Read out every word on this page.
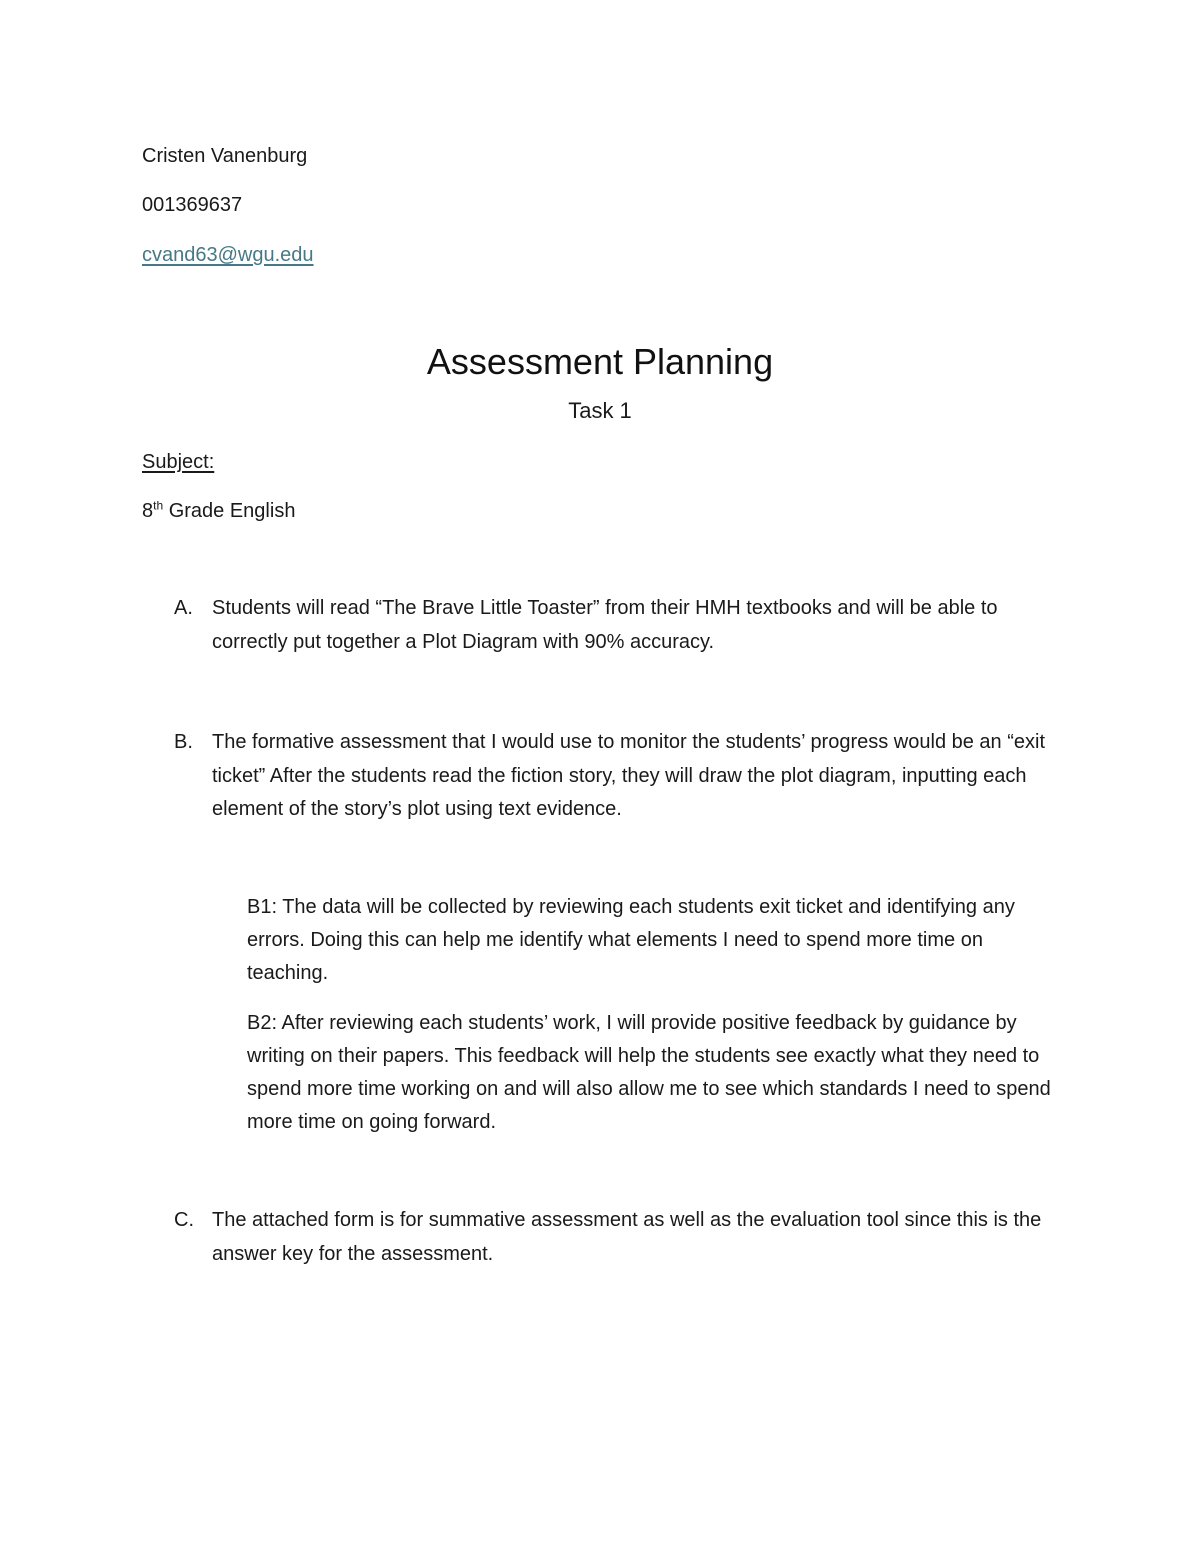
Cristen Vanenburg
001369637
cvand63@wgu.edu
Assessment Planning
Task 1
Subject:
8th Grade English
A. Students will read “The Brave Little Toaster” from their HMH textbooks and will be able to correctly put together a Plot Diagram with 90% accuracy.
B. The formative assessment that I would use to monitor the students’ progress would be an “exit ticket” After the students read the fiction story, they will draw the plot diagram, inputting each element of the story’s plot using text evidence.
B1: The data will be collected by reviewing each students exit ticket and identifying any errors. Doing this can help me identify what elements I need to spend more time on teaching.
B2: After reviewing each students’ work, I will provide positive feedback by guidance by writing on their papers. This feedback will help the students see exactly what they need to spend more time working on and will also allow me to see which standards I need to spend more time on going forward.
C. The attached form is for summative assessment as well as the evaluation tool since this is the answer key for the assessment.
